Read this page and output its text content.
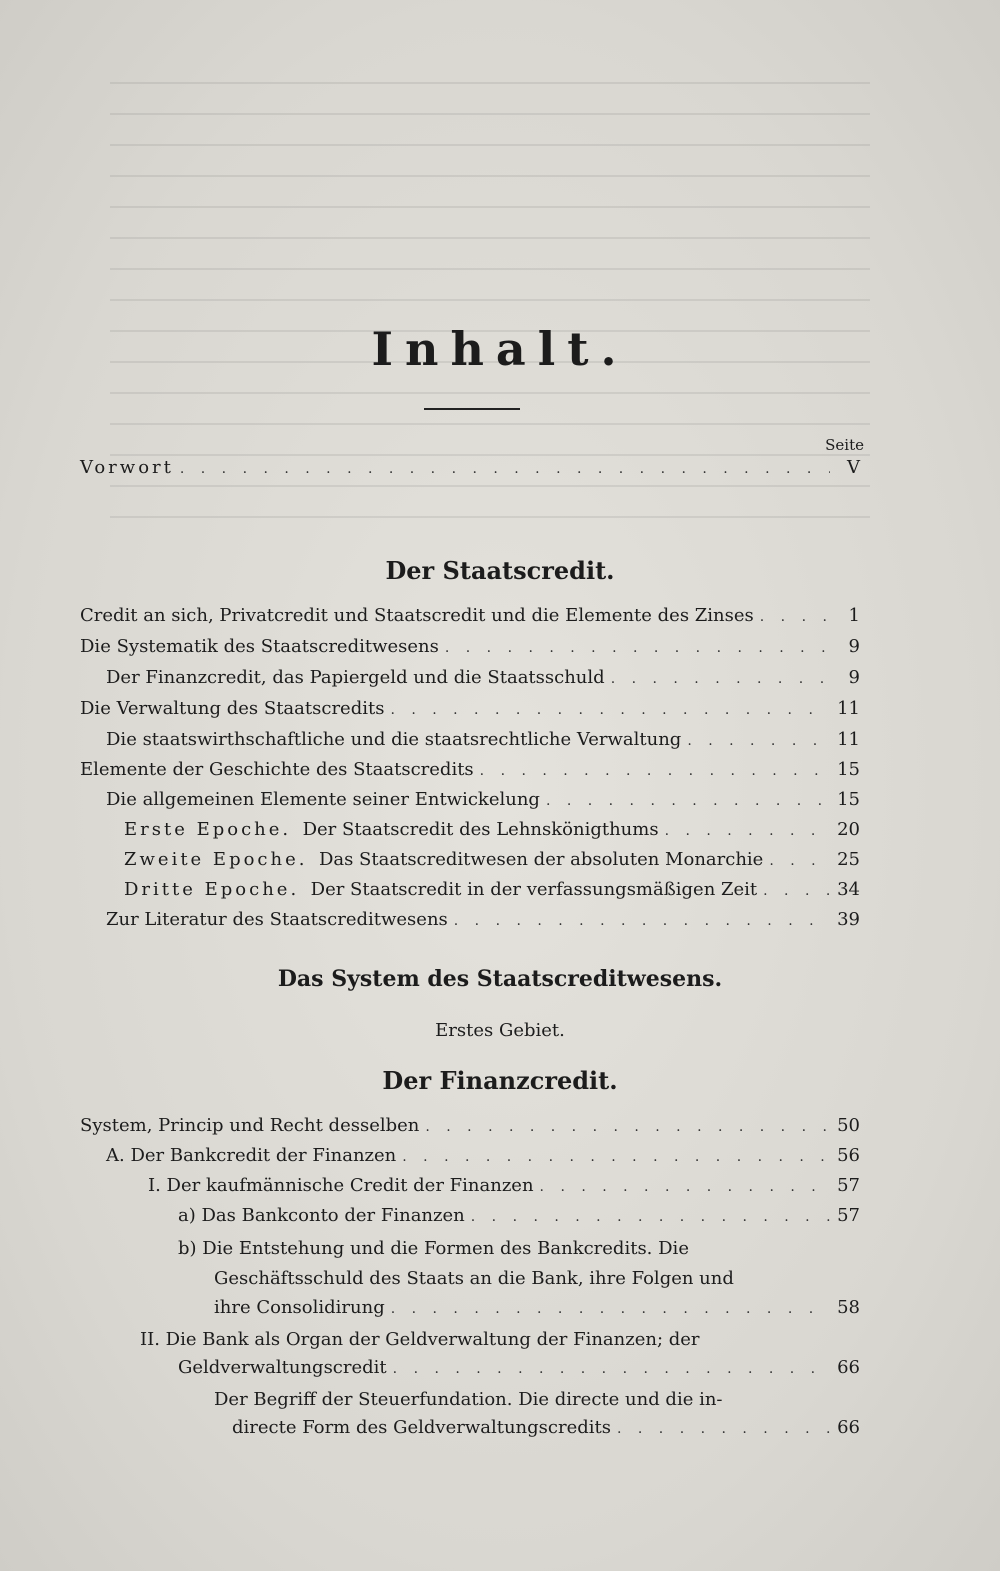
Inhalt.
Seite
Vorwort . . .	V
Der Staatscredit.
Credit an sich, Privatcredit und Staatscredit und die Elemente des Zinses . . .	1
Die Systematik des Staatscreditwesens . . .	9
Der Finanzcredit, das Papiergeld und die Staatsschuld . . .	9
Die Verwaltung des Staatscredits . . .	11
Die staatswirthschaftliche und die staatsrechtliche Verwaltung . . .	11
Elemente der Geschichte des Staatscredits . . .	15
Die allgemeinen Elemente seiner Entwickelung . . .	15
Erste Epoche. Der Staatscredit des Lehnskönigthums . . .	20
Zweite Epoche. Das Staatscreditwesen der absoluten Monarchie . . .	25
Dritte Epoche. Der Staatscredit in der verfassungsmäßigen Zeit . . .	34
Zur Literatur des Staatscreditwesens . . .	39
Das System des Staatscreditwesens.
Erstes Gebiet.
Der Finanzcredit.
System, Princip und Recht desselben . . .	50
A. Der Bankcredit der Finanzen . . .	56
I. Der kaufmännische Credit der Finanzen . . .	57
a) Das Bankconto der Finanzen . . .	57
b) Die Entstehung und die Formen des Bankcredits. Die
Geschäftsschuld des Staats an die Bank, ihre Folgen und
ihre Consolidirung . . .	58
II. Die Bank als Organ der Geldverwaltung der Finanzen; der
Geldverwaltungscredit . . .	66
Der Begriff der Steuerfundation. Die directe und die in-
directe Form des Geldverwaltungscredits . . .	66
